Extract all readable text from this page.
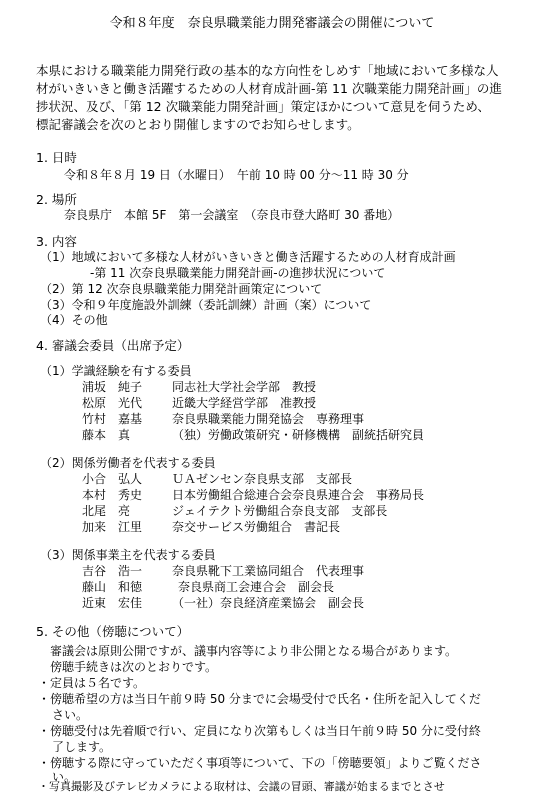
令和８年度　奈良県職業能力開発審議会の開催について
本県における職業能力開発行政の基本的な方向性をしめす「地域において多様な人
材がいきいきと働き活躍するための人材育成計画-第 11 次職業能力開発計画」の進
捗状況、及び、「第 12 次職業能力開発計画」策定ほかについて意見を伺うため、
標記審議会を次のとおり開催しますのでお知らせします。
1. 日時
令和８年８月 19 日（水曜日）　午前 10 時 00 分～11 時 30 分
2. 場所
奈良県庁　本館 5F　第一会議室　（奈良市登大路町 30 番地）
3. 内容
（1）地域において多様な人材がいきいきと働き活躍するための人材育成計画
-第 11 次奈良県職業能力開発計画-の進捗状況について
（2）第 12 次奈良県職業能力開発計画策定について
（3）令和９年度施設外訓練（委託訓練）計画（案）について
（4）その他
4. 審議会委員（出席予定）
（1）学識経験を有する委員
浦坂　純子 同志社大学社会学部　教授
松原　光代 近畿大学経営学部　准教授
竹村　嘉基 奈良県職業能力開発協会　専務理事
藤本　真	（独）労働政策研究・研修機構　副統括研究員
（2）関係労働者を代表する委員
小合　弘人 ＵＡゼンセン奈良県支部　支部長
本村　秀史 日本労働組合総連合会奈良県連合会　事務局長
北尾　亮	ジェイテクト労働組合奈良支部　支部長
加来　江里 奈交サービス労働組合　書記長
（3）関係事業主を代表する委員
吉谷　浩一 奈良県靴下工業協同組合　代表理事
藤山　和徳	奈良県商工会連合会　副会長
近東　宏佳 （一社）奈良経済産業協会　副会長
5. その他（傍聴について）
審議会は原則公開ですが、議事内容等により非公開となる場合があります。
傍聴手続きは次のとおりです。
・定員は５名です。
・傍聴希望の方は当日午前９時 50 分までに会場受付で氏名・住所を記入してくだ
さい。
・傍聴受付は先着順で行い、定員になり次第もしくは当日午前９時 50 分に受付終
了します。
・傍聴する際に守っていただく事項等について、下の「傍聴要領」よりご覧くださ
い。
・写真撮影及びテレビカメラによる取材は、会議の冒頭、審議が始まるまでとさせ
